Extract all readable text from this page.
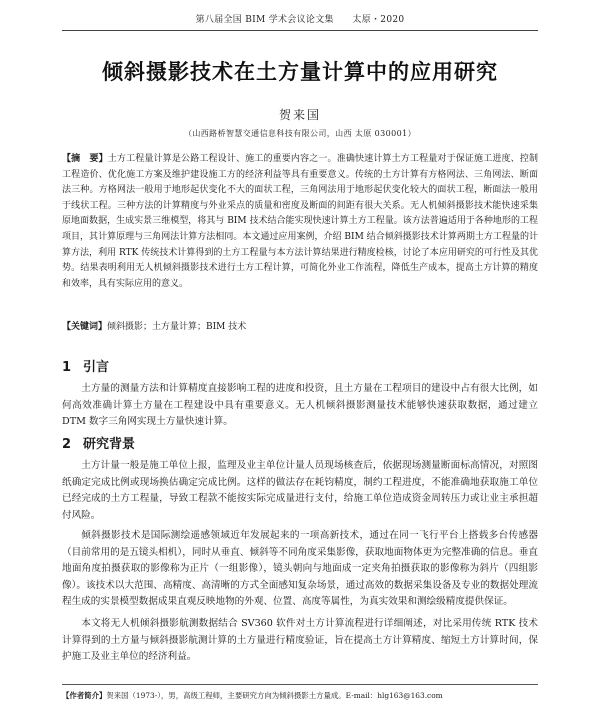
第八届全国 BIM 学术会议论文集　　太原・2020
倾斜摄影技术在土方量计算中的应用研究
贺来国
（山西路桥智慧交通信息科技有限公司，山西 太原 030001）
【摘　要】土方工程量计算是公路工程设计、施工的重要内容之一。准确快速计算土方工程量对于保证施工进度、控制工程造价、优化施工方案及维护建设施工方的经济利益等具有重要意义。传统的土方计算有方格网法、三角网法、断面法三种。方格网法一般用于地形起伏变化不大的面状工程，三角网法用于地形起伏变化较大的面状工程，断面法一般用于线状工程。三种方法的计算精度与外业采点的质量和密度及断面的间距有很大关系。无人机倾斜摄影技术能快速采集原地面数据，生成实景三维模型，将其与 BIM 技术结合能实现快速计算土方工程量。该方法普遍适用于各种地形的工程项目，其计算原理与三角网法计算方法相同。本文通过应用案例，介绍 BIM 结合倾斜摄影技术计算两期土方工程量的计算方法，利用 RTK 传统技术计算得到的土方工程量与本方法计算结果进行精度检核，讨论了本应用研究的可行性及其优势。结果表明利用无人机倾斜摄影技术进行土方工程计算，可简化外业工作流程，降低生产成本，提高土方计算的精度和效率，具有实际应用的意义。
【关键词】倾斜摄影；土方量计算；BIM 技术
1 引言

土方量的测量方法和计算精度直接影响工程的进度和投资，且土方量在工程项目的建设中占有很大比例，如何高效准确计算土方量在工程建设中具有重要意义。无人机倾斜摄影测量技术能够快速获取数据，通过建立 DTM 数字三角网实现土方量快速计算。

2 研究背景

土方计量一般是施工单位上报，监理及业主单位计量人员现场核查后，依据现场测量断面标高情况，对照图纸确定完成比例或现场换估确定完成比例。这样的做法存在耗钧精度，制约工程进度，不能准确地获取施工单位已经完成的土方工程量，导致工程款不能按实际完成量进行支付，给施工单位造成资金周转压力或让业主承担超付风险。

倾斜摄影技术是国际测绘遥感领域近年发展起来的一项高新技术，通过在同一飞行平台上搭载多台传感器（目前常用的是五镜头相机），同时从垂直、倾斜等不同角度采集影像，获取地面物体更为完整准确的信息。垂直地面角度拍摄获取的影像称为正片（一组影像），镜头朝向与地面成一定夹角拍摄获取的影像称为斜片（四组影像）。该技术以大范围、高精度、高清晰的方式全面感知复杂场景，通过高效的数据采集设备及专业的数据处理流程生成的实景模型数据成果直观反映地物的外观、位置、高度等属性，为真实效果和测绘级精度提供保证。

本文将无人机倾斜摄影航测数据结合 SV360 软件对土方计算流程进行详细阐述，对比采用传统 RTK 技术计算得到的土方量与倾斜摄影航测计算的土方量进行精度验证，旨在提高土方计算精度、缩短土方计算时间，保护施工及业主单位的经济利益。

【作者简介】贺来国（1973-），男，高级工程师，主要研究方向为倾斜摄影土方量成。E-mail：hlg163@163.com
